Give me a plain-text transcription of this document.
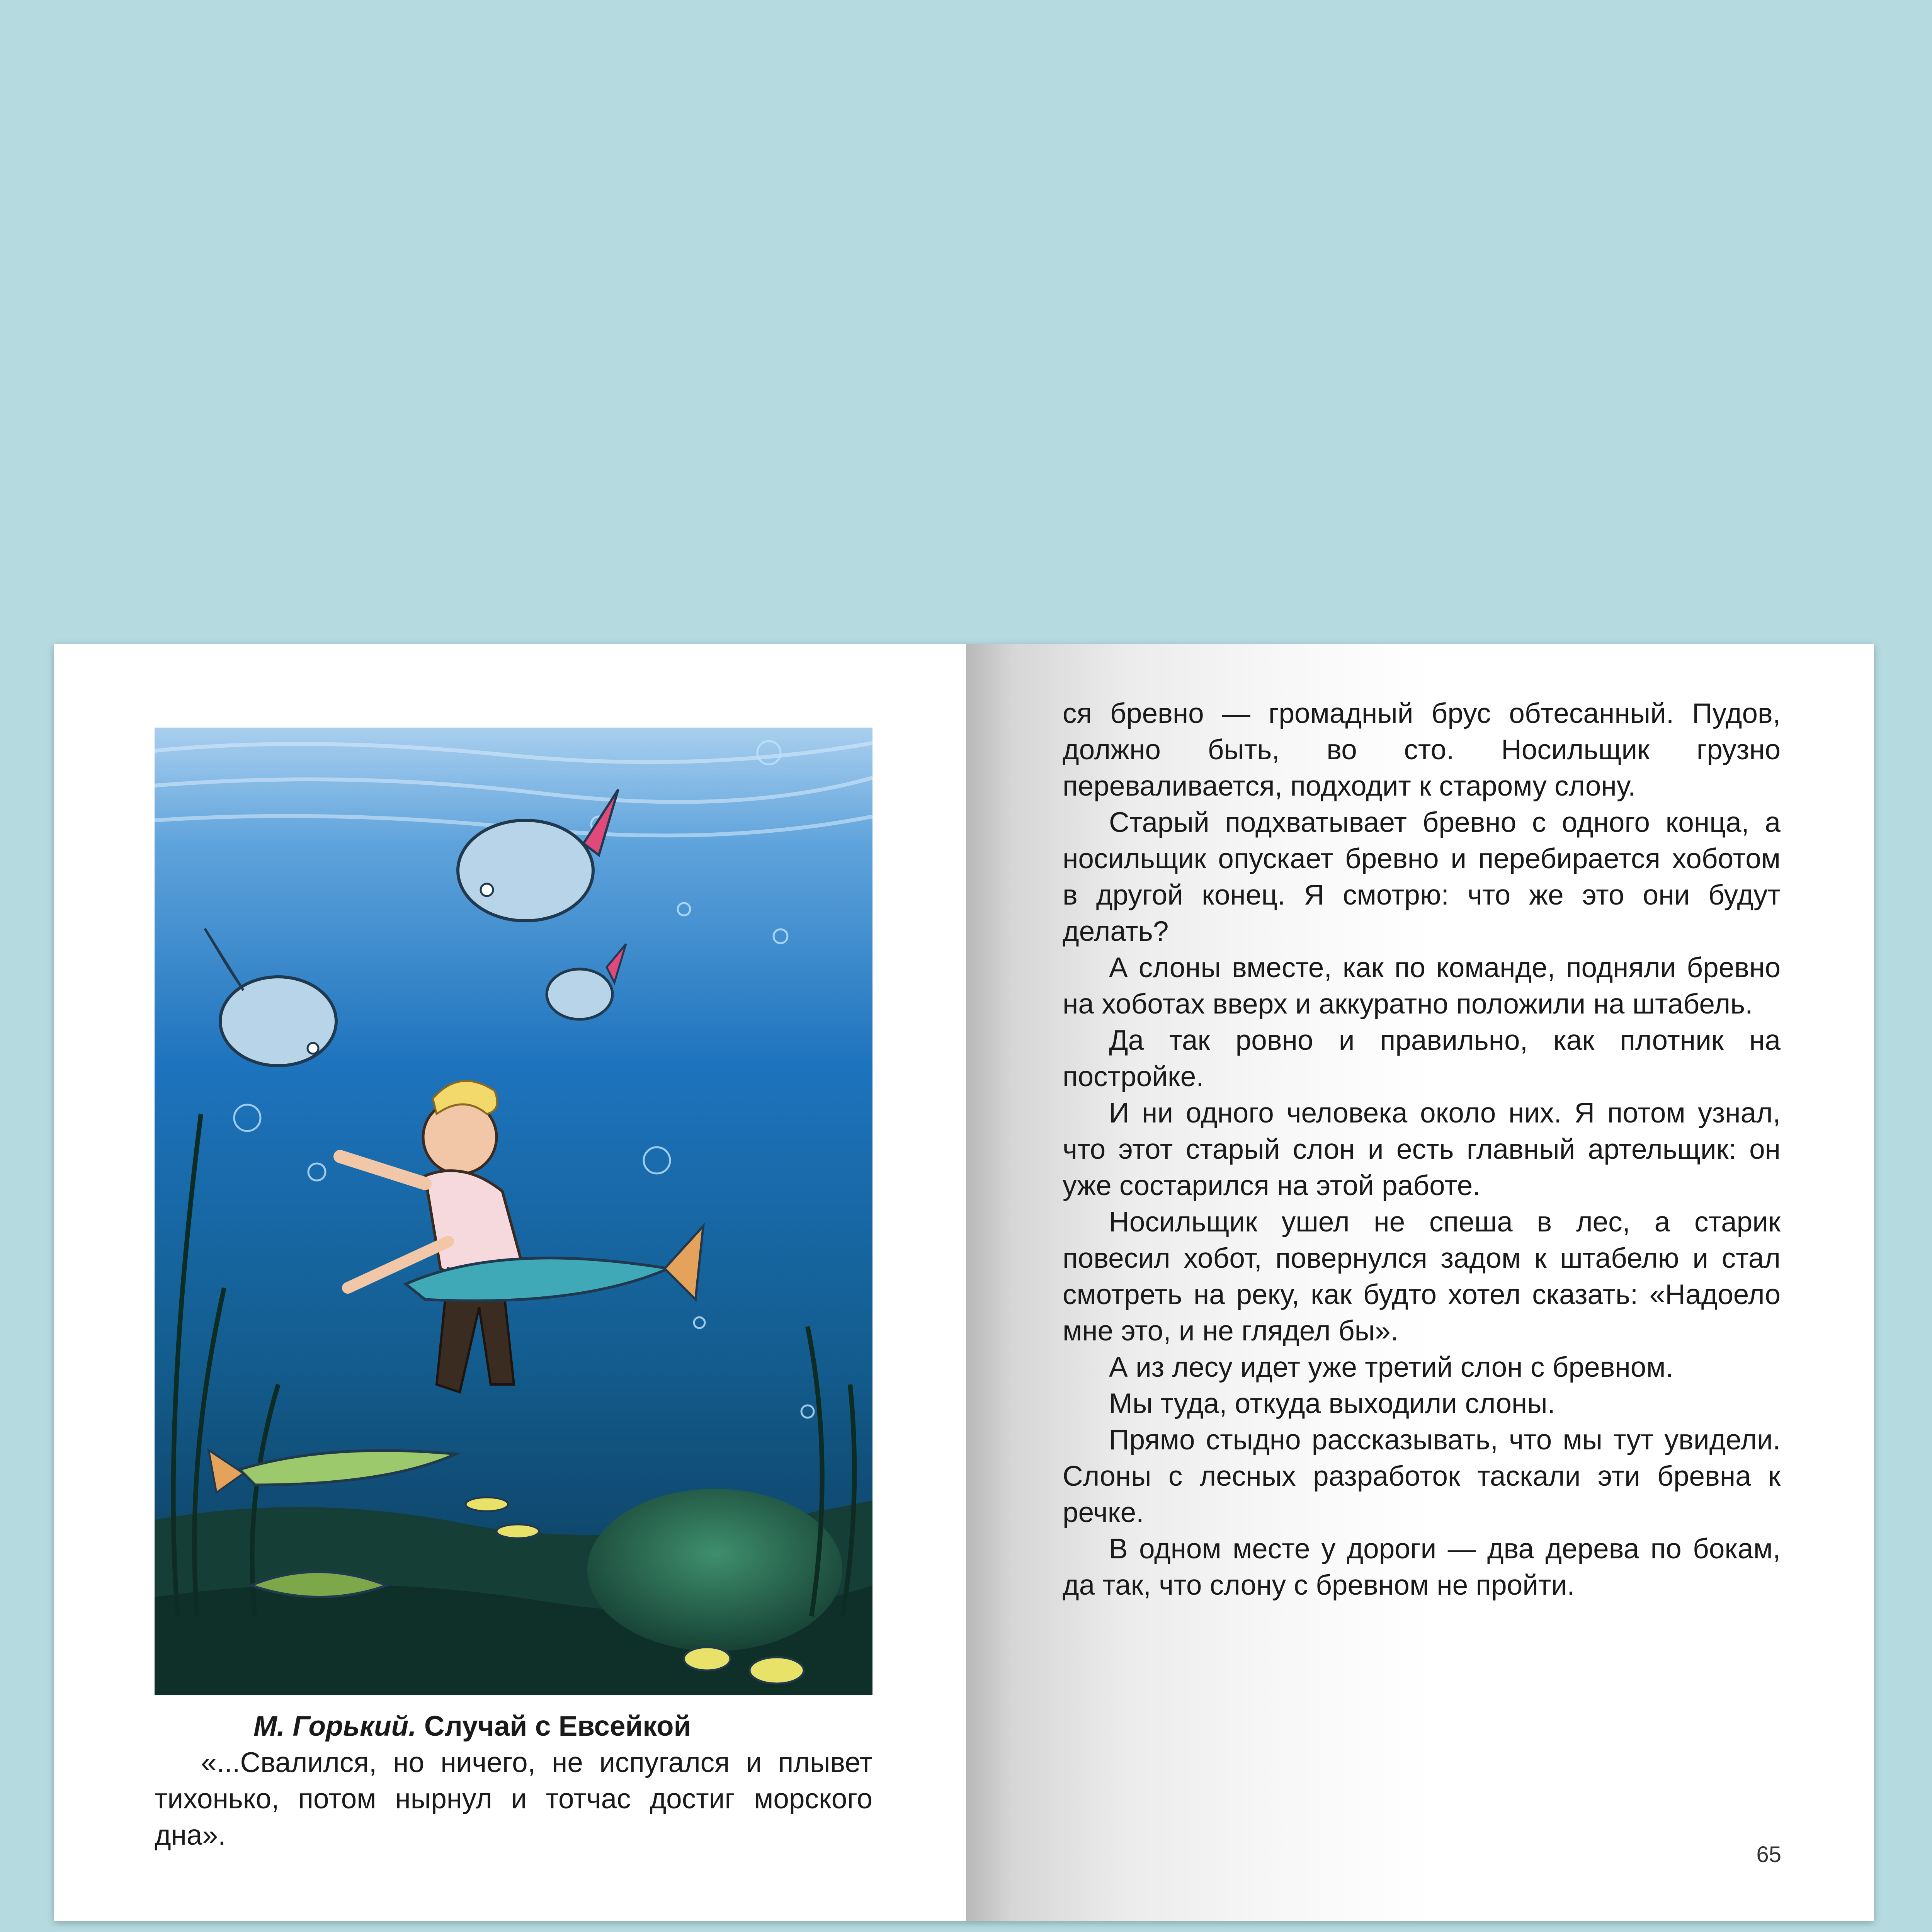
М. Горький. Случай с Евсейкой

«...Свалился, но ничего, не испугался и плывет тихонько, потом нырнул и тотчас достиг морского дна».

65

ся бревно — громадный брус обтесанный. Пудов, должно быть, во сто. Носильщик грузно переваливается, подходит к старому слону.

Старый подхватывает бревно с одного конца, а носильщик опускает бревно и перебирается хоботом в другой конец. Я смотрю: что же это они будут делать?

А слоны вместе, как по команде, подняли бревно на хоботах вверх и аккуратно положили на штабель.

Да так ровно и правильно, как плотник на постройке.

И ни одного человека около них. Я потом узнал, что этот старый слон и есть главный артельщик: он уже состарился на этой работе.

Носильщик ушел не спеша в лес, а старик повесил хобот, повернулся задом к штабелю и стал смотреть на реку, как будто хотел сказать: «Надоело мне это, и не глядел бы».

А из лесу идет уже третий слон с бревном.

Мы туда, откуда выходили слоны.

Прямо стыдно рассказывать, что мы тут увидели. Слоны с лесных разработок таскали эти бревна к речке.

В одном месте у дороги — два дерева по бокам, да так, что слону с бревном не пройти.
